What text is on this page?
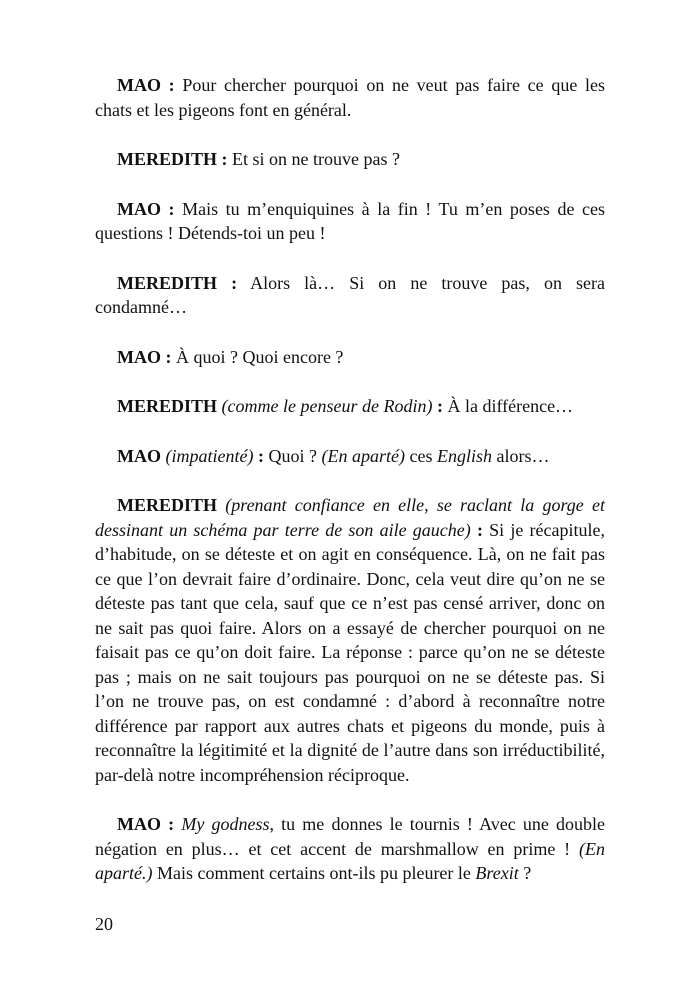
MAO : Pour chercher pourquoi on ne veut pas faire ce que les chats et les pigeons font en général.

MEREDITH : Et si on ne trouve pas ?

MAO : Mais tu m’enquiquines à la fin ! Tu m’en poses de ces questions ! Détends-toi un peu !

MEREDITH : Alors là… Si on ne trouve pas, on sera condamné…

MAO : À quoi ? Quoi encore ?

MEREDITH (comme le penseur de Rodin) : À la différence…

MAO (impatienté) : Quoi ? (En aparté) ces English alors…

MEREDITH (prenant confiance en elle, se raclant la gorge et dessinant un schéma par terre de son aile gauche) : Si je récapitule, d’habitude, on se déteste et on agit en conséquence. Là, on ne fait pas ce que l’on devrait faire d’ordinaire. Donc, cela veut dire qu’on ne se déteste pas tant que cela, sauf que ce n’est pas censé arriver, donc on ne sait pas quoi faire. Alors on a essayé de chercher pourquoi on ne faisait pas ce qu’on doit faire. La réponse : parce qu’on ne se déteste pas ; mais on ne sait toujours pas pourquoi on ne se déteste pas. Si l’on ne trouve pas, on est condamné : d’abord à reconnaître notre différence par rapport aux autres chats et pigeons du monde, puis à reconnaître la légitimité et la dignité de l’autre dans son irréductibilité, par-delà notre incompréhension réciproque.

MAO : My godness, tu me donnes le tournis ! Avec une double négation en plus… et cet accent de marshmallow en prime ! (En aparté.) Mais comment certains ont-ils pu pleurer le Brexit ?

20
